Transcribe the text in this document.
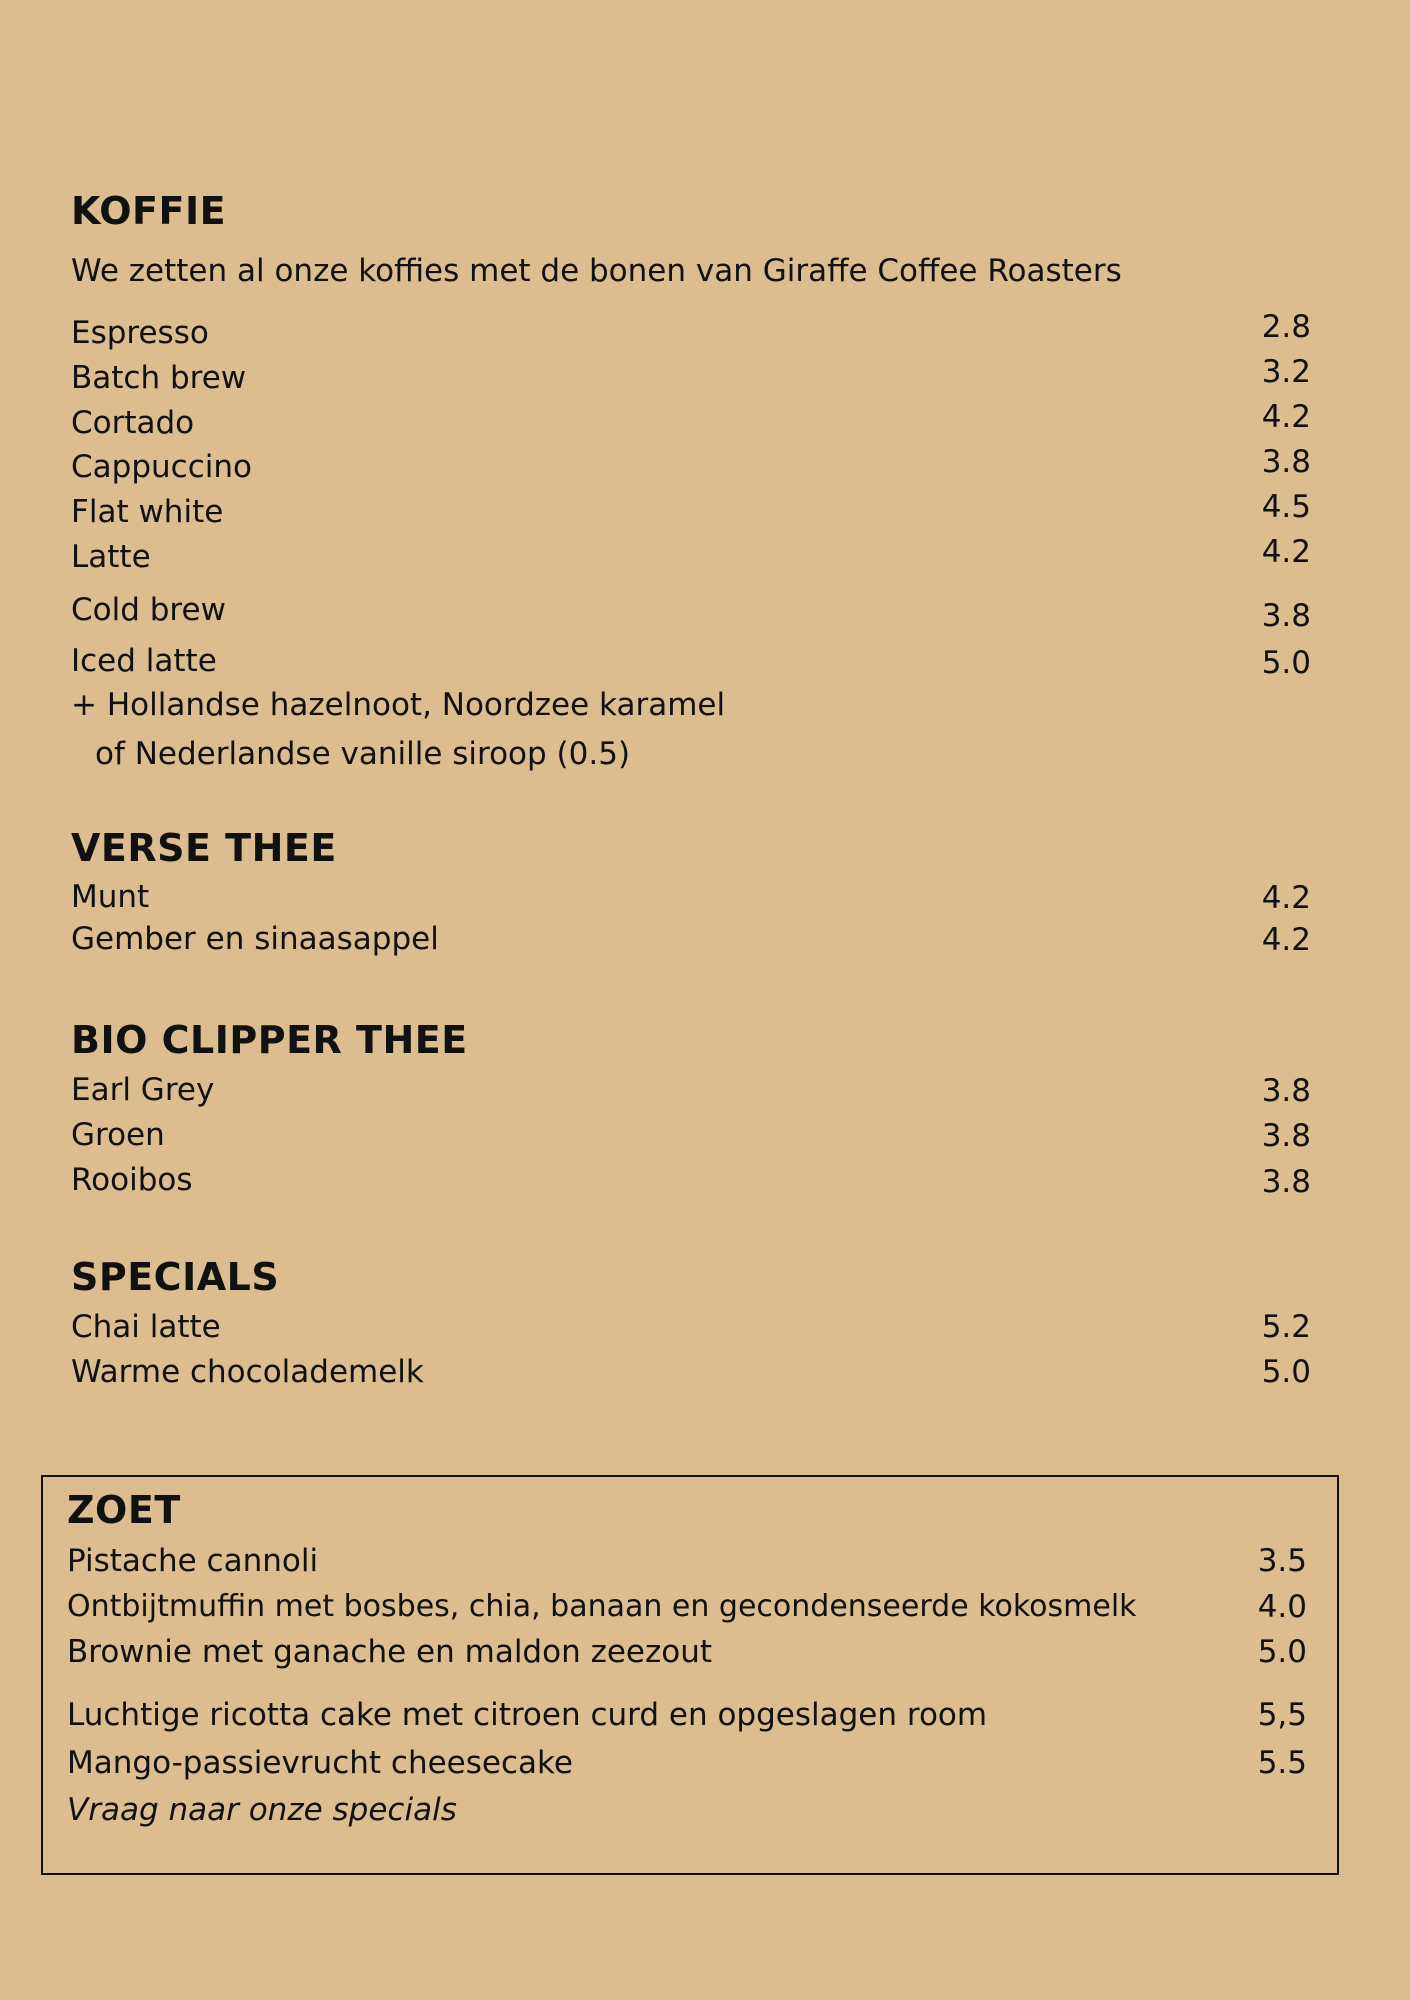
KOFFIE
We zetten al onze koffies met de bonen van Giraffe Coffee Roasters
Espresso	2.8
Batch brew	3.2
Cortado	4.2
Cappuccino	3.8
Flat white	4.5
Latte	4.2
Cold brew	3.8
Iced latte	5.0
+ Hollandse hazelnoot, Noordzee karamel
of Nederlandse vanille siroop (0.5)
VERSE THEE
Munt	4.2
Gember en sinaasappel	4.2
BIO CLIPPER THEE
Earl Grey	3.8
Groen	3.8
Rooibos	3.8
SPECIALS
Chai latte	5.2
Warme chocolademelk	5.0
ZOET
Pistache cannoli	3.5
Ontbijtmuffin met bosbes, chia, banaan en gecondenseerde kokosmelk	4.0
Brownie met ganache en maldon zeezout	5.0
Luchtige ricotta cake met citroen curd en opgeslagen room	5,5
Mango-passievrucht cheesecake	5.5
Vraag naar onze specials
